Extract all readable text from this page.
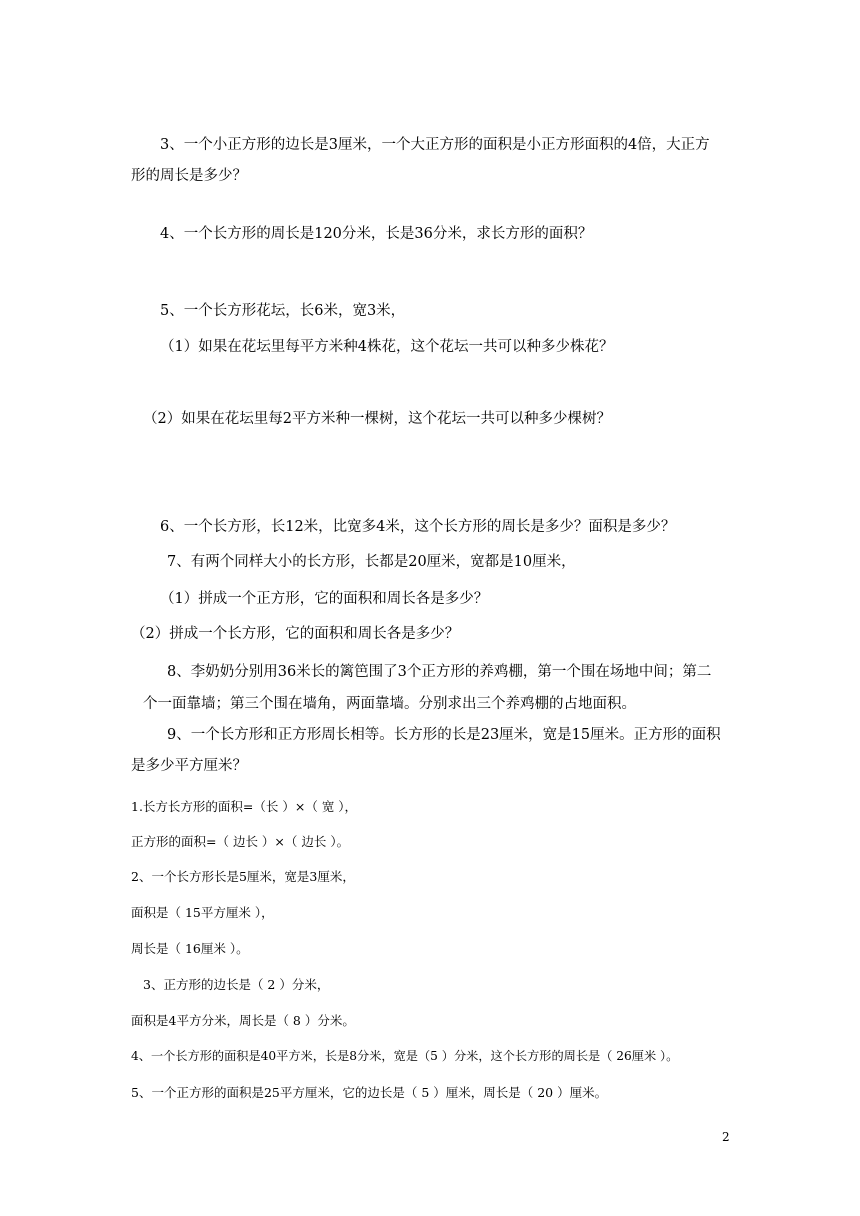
3、一个小正方形的边长是3厘米，一个大正方形的面积是小正方形面积的4倍，大正方
形的周长是多少？
4、一个长方形的周长是120分米，长是36分米，求长方形的面积？
5、一个长方形花坛，长6米，宽3米，
（1）如果在花坛里每平方米种4株花，这个花坛一共可以种多少株花？
（2）如果在花坛里每2平方米种一棵树，这个花坛一共可以种多少棵树？
6、一个长方形，长12米，比宽多4米，这个长方形的周长是多少？面积是多少？
7、有两个同样大小的长方形，长都是20厘米，宽都是10厘米，
（1）拼成一个正方形，它的面积和周长各是多少？
（2）拼成一个长方形，它的面积和周长各是多少？
8、李奶奶分别用36米长的篱笆围了3个正方形的养鸡棚，第一个围在场地中间；第二
个一面靠墙；第三个围在墙角，两面靠墙。分别求出三个养鸡棚的占地面积。
9、一个长方形和正方形周长相等。长方形的长是23厘米，宽是15厘米。正方形的面积
是多少平方厘米？
1.长方长方形的面积=（长 ）×（ 宽 ），
正方形的面积=（ 边长 ）×（ 边长 ）。
2、一个长方形长是5厘米，宽是3厘米，
面积是（ 15平方厘米 ），
周长是（ 16厘米 ）。
3、正方形的边长是（ 2 ）分米，
面积是4平方分米，周长是（ 8 ）分米。
4、一个长方形的面积是40平方米，长是8分米，宽是（5 ）分米，这个长方形的周长是（ 26厘米 ）。
5、一个正方形的面积是25平方厘米，它的边长是（ 5 ）厘米，周长是（ 20 ）厘米。
2
